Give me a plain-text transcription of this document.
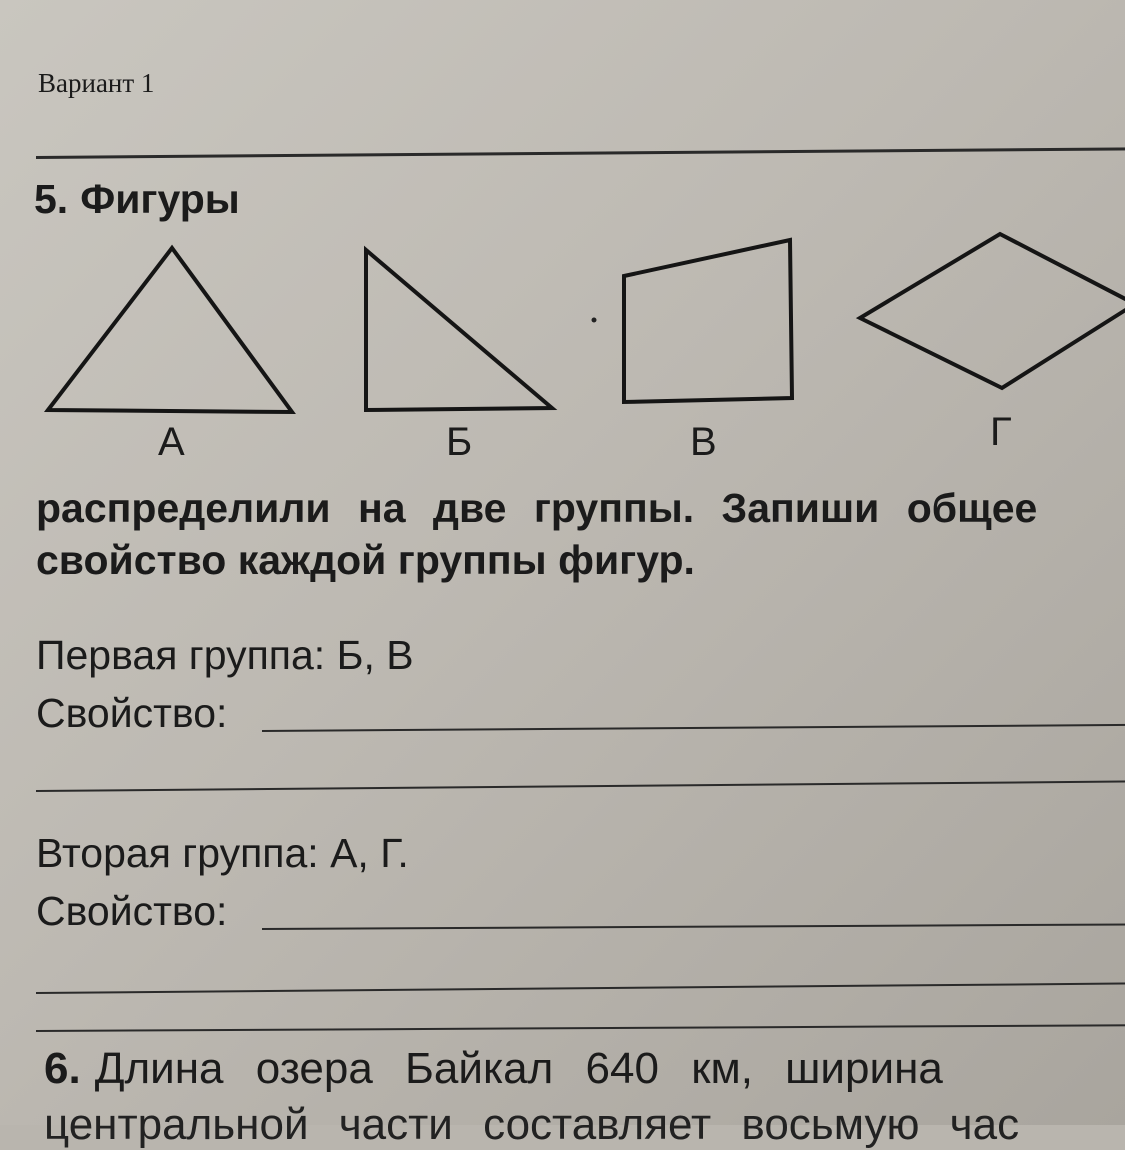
Вариант 1
5. Фигуры
А	Б	В	Г
распределили на две группы. Запиши общее
свойство каждой группы фигур.
Первая группа: Б, В
Свойство:
Вторая группа: А, Г.
Свойство:
6. Длина озера Байкал 640 км, ширина
центральной части составляет восьмую час
